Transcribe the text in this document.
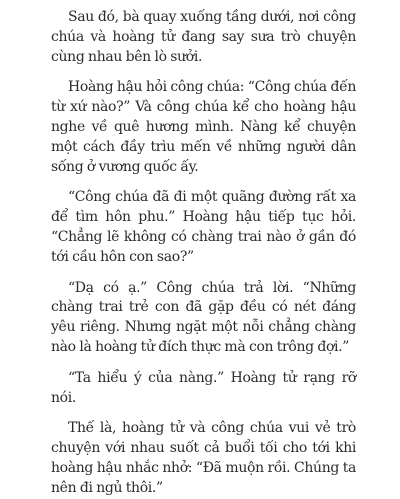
Sau đó, bà quay xuống tầng dưới, nơi công chúa và hoàng tử đang say sưa trò chuyện cùng nhau bên lò sưởi.

Hoàng hậu hỏi công chúa: “Công chúa đến từ xứ nào?” Và công chúa kể cho hoàng hậu nghe về quê hương mình. Nàng kể chuyện một cách đầy trìu mến về những người dân sống ở vương quốc ấy.

“Công chúa đã đi một quãng đường rất xa để tìm hôn phu.” Hoàng hậu tiếp tục hỏi. “Chẳng lẽ không có chàng trai nào ở gần đó tới cầu hôn con sao?”

“Dạ có ạ.” Công chúa trả lời. “Những chàng trai trẻ con đã gặp đều có nét đáng yêu riêng. Nhưng ngặt một nỗi chẳng chàng nào là hoàng tử đích thực mà con trông đợi.”

“Ta hiểu ý của nàng.” Hoàng tử rạng rỡ nói.

Thế là, hoàng tử và công chúa vui vẻ trò chuyện với nhau suốt cả buổi tối cho tới khi hoàng hậu nhắc nhở: “Đã muộn rồi. Chúng ta nên đi ngủ thôi.”
